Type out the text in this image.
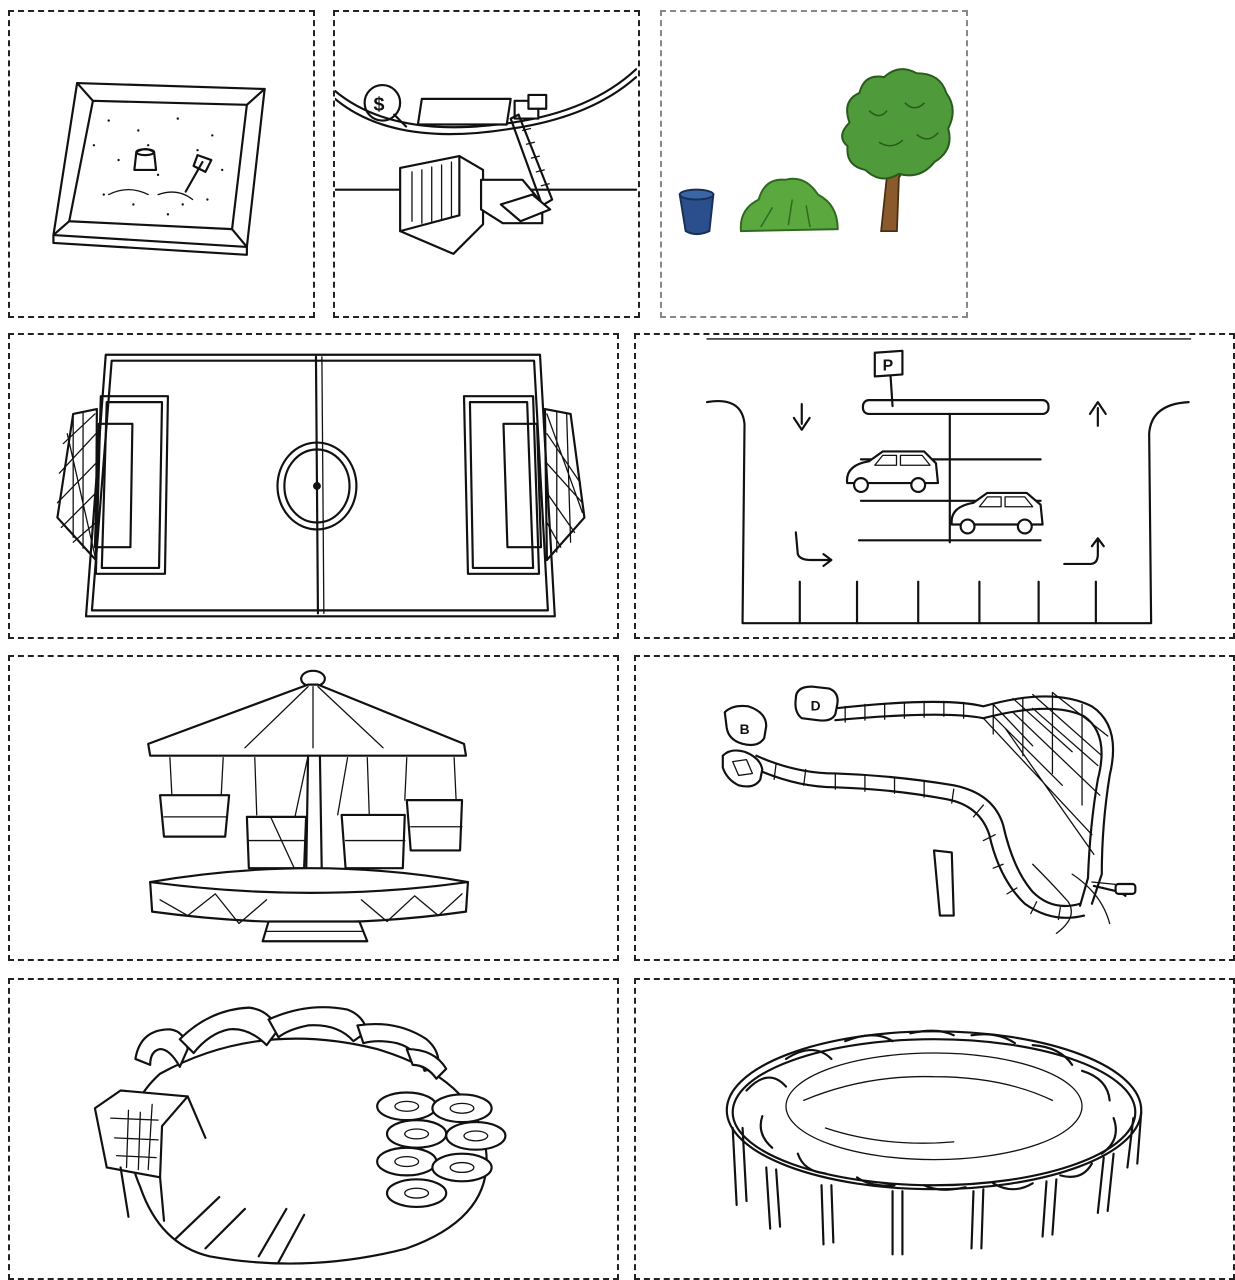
$
P
D
B
